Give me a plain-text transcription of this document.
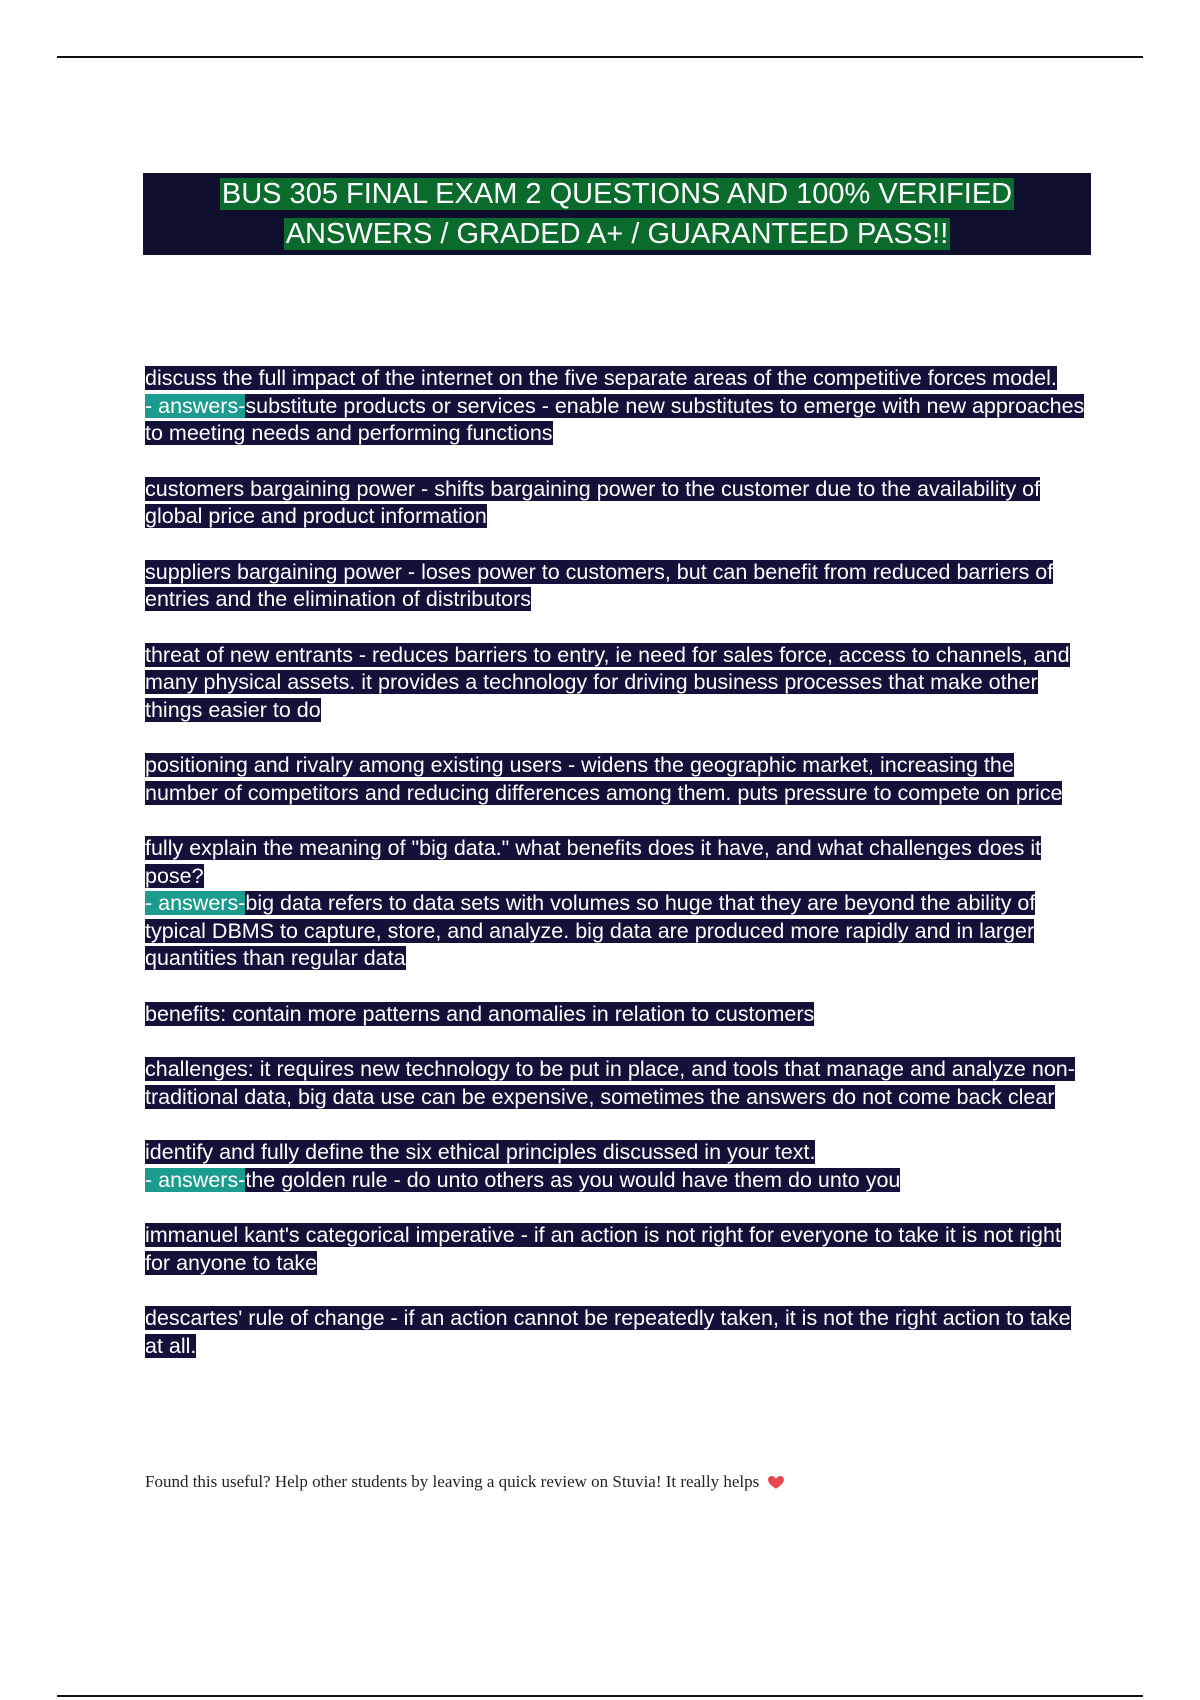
BUS 305 FINAL EXAM 2 QUESTIONS AND 100% VERIFIED
ANSWERS / GRADED A+ / GUARANTEED PASS!!

discuss the full impact of the internet on the five separate areas of the competitive forces model.
- answers-substitute products or services - enable new substitutes to emerge with new approaches to meeting needs and performing functions

customers bargaining power - shifts bargaining power to the customer due to the availability of global price and product information

suppliers bargaining power - loses power to customers, but can benefit from reduced barriers of entries and the elimination of distributors

threat of new entrants - reduces barriers to entry, ie need for sales force, access to channels, and many physical assets. it provides a technology for driving business processes that make other things easier to do

positioning and rivalry among existing users - widens the geographic market, increasing the number of competitors and reducing differences among them. puts pressure to compete on price

fully explain the meaning of "big data." what benefits does it have, and what challenges does it pose?
- answers-big data refers to data sets with volumes so huge that they are beyond the ability of typical DBMS to capture, store, and analyze. big data are produced more rapidly and in larger quantities than regular data

benefits: contain more patterns and anomalies in relation to customers

challenges: it requires new technology to be put in place, and tools that manage and analyze non-traditional data, big data use can be expensive, sometimes the answers do not come back clear

identify and fully define the six ethical principles discussed in your text.
- answers-the golden rule - do unto others as you would have them do unto you

immanuel kant's categorical imperative - if an action is not right for everyone to take it is not right for anyone to take

descartes' rule of change - if an action cannot be repeatedly taken, it is not the right action to take at all.

Found this useful? Help other students by leaving a quick review on Stuvia! It really helps
